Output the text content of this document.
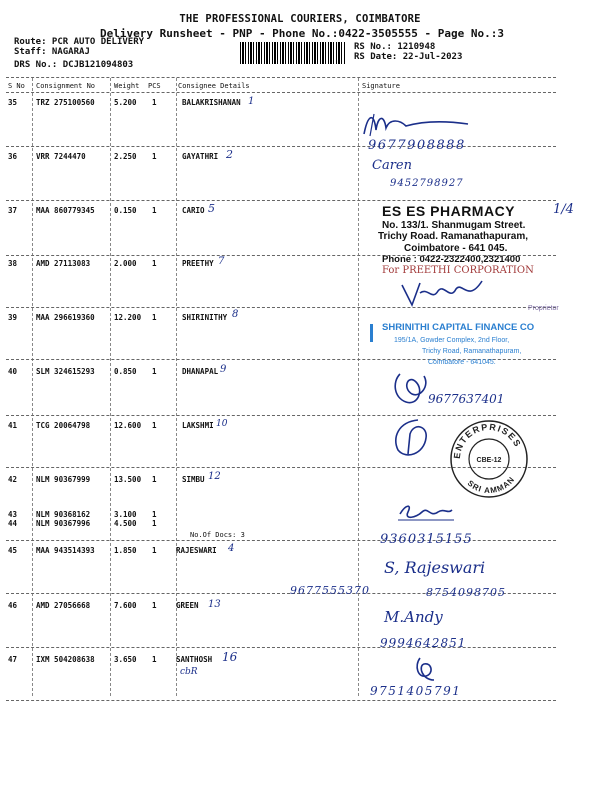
THE PROFESSIONAL COURIERS, COIMBATORE
Delivery Runsheet - PNP - Phone No.:0422-3505555 - Page No.:3
Route: PCR AUTO DELIVERY
Staff: NAGARAJ
DRS No.: DCJB121094803
RS No.: 1210948
RS Date: 22-Jul-2023
S No Consignment No	Weight PCS Consignee Details	Signature
35	TRZ 275100560	5.200 1	BALAKRISHANAN 1
36	VRR 7244470	2.250 1	GAYATHRI 2
37	MAA 860779345	0.150 1	CARIO 5
38	AMD 27113083	2.000 1	PREETHY 7
39	MAA 296619360	12.200 1	SHIRINITHY 8
40	SLM 324615293	0.850 1	DHANAPAL 9
41	TCG 20064798	12.600 1	LAKSHMI 10
42	NLM 90367999	13.500 1	SIMBU 12
43	NLM 90368162	3.100 1
44	NLM 90367996	4.500 1
No.Of Docs: 3
45	MAA 943514393	1.850 1	RAJESWARI 4
46	AMD 27056668	7.600 1	GREEN 13
47	IXM 504208638	3.650 1	SANTHOSH 16
cbR
9677908888
Caren
9452798927
ES ES PHARMACY	1/4
No. 133/1. Shanmugam Street.
Trichy Road. Ramanathapuram,
Coimbatore - 641 045.
Phone : 0422-2322400,2321400
For PREETHI CORPORATION
Proprietor
SHRINITHI CAPITAL FINANCE CO
195/1A, Gowder Complex, 2nd Floor,
Trichy Road, Ramanathapuram,
Coimbatore - 641045.
9677637401
ENTERPRISES
SRI AMMAN
CBE-12
9360315155
S, Rajeswari
9677555370	8754098705
M.Andy
9994642851
9751405791
